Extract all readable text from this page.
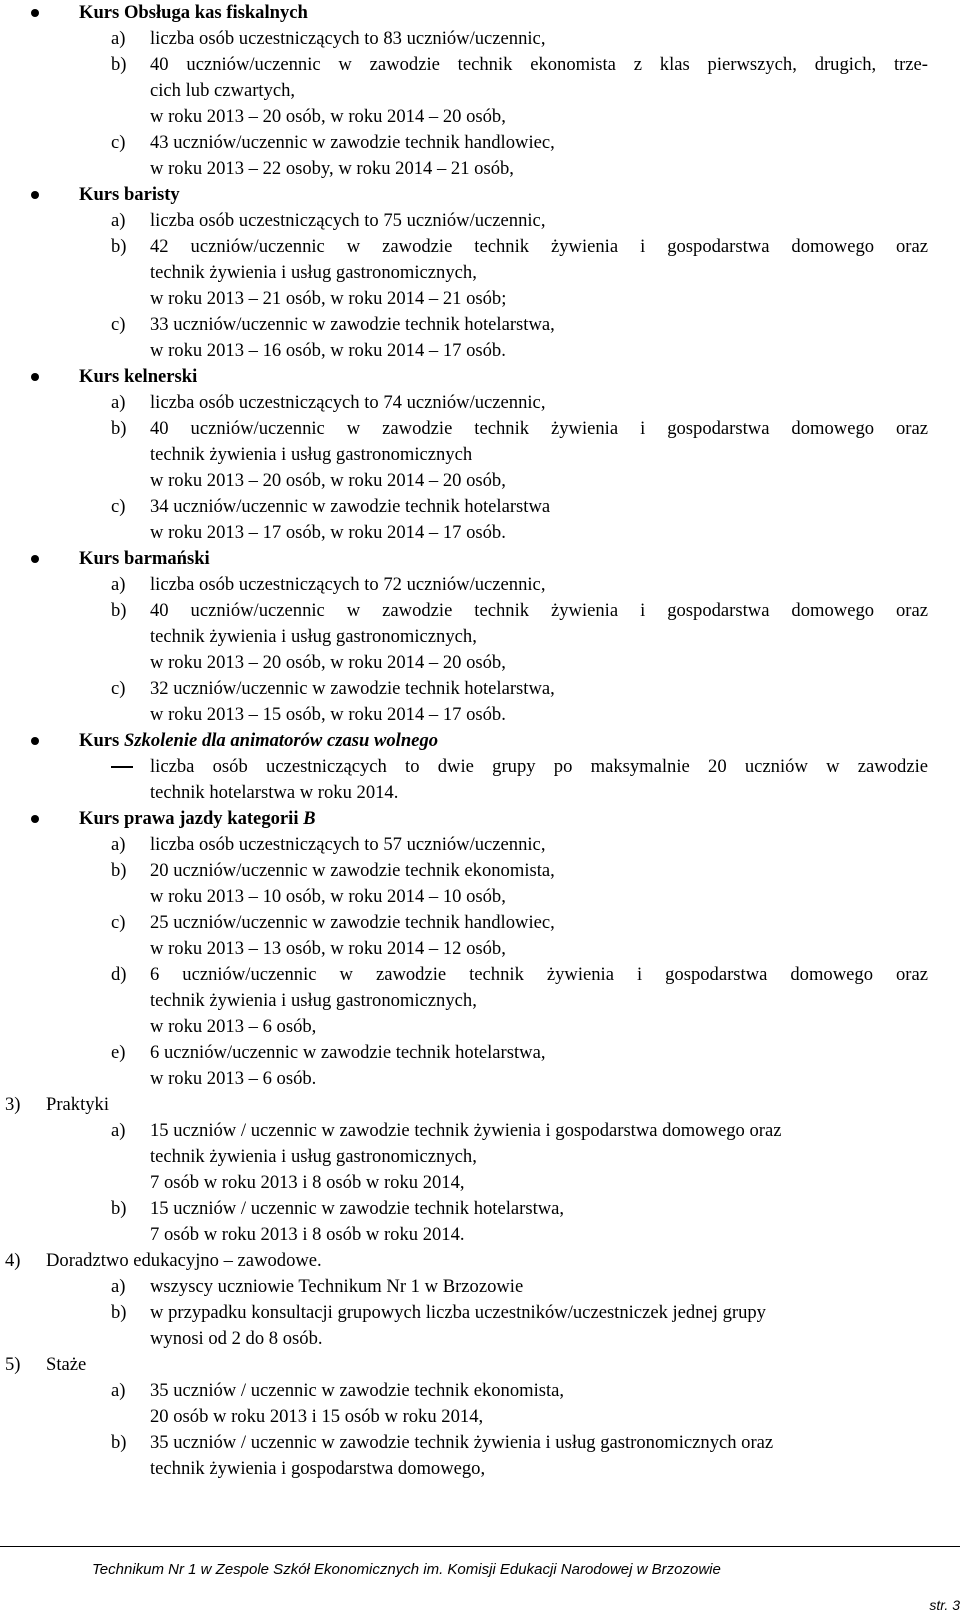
Kurs Obsługa kas fiskalnych
a) liczba osób uczestniczących to 83 uczniów/uczennic,
b) 40 uczniów/uczennic w zawodzie technik ekonomista z klas pierwszych, drugich, trze-
cich lub czwartych,
w roku 2013 – 20 osób, w roku 2014 – 20 osób,
c) 43 uczniów/uczennic w zawodzie technik handlowiec,
w roku 2013 – 22 osoby, w roku 2014 – 21 osób,
Kurs baristy
a) liczba osób uczestniczących to 75 uczniów/uczennic,
b) 42 uczniów/uczennic w zawodzie technik żywienia i gospodarstwa domowego oraz
technik żywienia i usług gastronomicznych,
w roku 2013 – 21 osób, w roku 2014 – 21 osób;
c) 33 uczniów/uczennic w zawodzie technik hotelarstwa,
w roku 2013 – 16 osób, w roku 2014 – 17 osób.
Kurs kelnerski
a) liczba osób uczestniczących to 74 uczniów/uczennic,
b) 40 uczniów/uczennic w zawodzie technik żywienia i gospodarstwa domowego oraz
technik żywienia i usług gastronomicznych
w roku 2013 – 20 osób, w roku 2014 – 20 osób,
c) 34 uczniów/uczennic w zawodzie technik hotelarstwa
w roku 2013 – 17 osób, w roku 2014 – 17 osób.
Kurs barmański
a) liczba osób uczestniczących to 72 uczniów/uczennic,
b) 40 uczniów/uczennic w zawodzie technik żywienia i gospodarstwa domowego oraz
technik żywienia i usług gastronomicznych,
w roku 2013 – 20 osób, w roku 2014 – 20 osób,
c) 32 uczniów/uczennic w zawodzie technik hotelarstwa,
w roku 2013 – 15 osób, w roku 2014 – 17 osób.
Kurs Szkolenie dla animatorów czasu wolnego
liczba osób uczestniczących to dwie grupy po maksymalnie 20 uczniów w zawodzie
technik hotelarstwa w roku 2014.
Kurs prawa jazdy kategorii B
a) liczba osób uczestniczących to 57 uczniów/uczennic,
b) 20 uczniów/uczennic w zawodzie technik ekonomista,
w roku 2013 – 10 osób, w roku 2014 – 10 osób,
c) 25 uczniów/uczennic w zawodzie technik handlowiec,
w roku 2013 – 13 osób, w roku 2014 – 12 osób,
d) 6 uczniów/uczennic w zawodzie technik żywienia i gospodarstwa domowego oraz
technik żywienia i usług gastronomicznych,
w roku 2013 – 6 osób,
e) 6 uczniów/uczennic w zawodzie technik hotelarstwa,
w roku 2013 – 6 osób.
3) Praktyki
a) 15 uczniów / uczennic w zawodzie technik żywienia i gospodarstwa domowego oraz
technik żywienia i usług gastronomicznych,
7 osób w roku 2013 i 8 osób w roku 2014,
b) 15 uczniów / uczennic w zawodzie technik hotelarstwa,
7 osób w roku 2013 i 8 osób w roku 2014.
4) Doradztwo edukacyjno – zawodowe.
a) wszyscy uczniowie Technikum Nr 1 w Brzozowie
b) w przypadku konsultacji grupowych liczba uczestników/uczestniczek jednej grupy
wynosi od 2 do 8 osób.
5) Staże
a) 35 uczniów / uczennic w zawodzie technik ekonomista,
20 osób w roku 2013 i 15 osób w roku 2014,
b) 35 uczniów / uczennic w zawodzie technik żywienia i usług gastronomicznych oraz
technik żywienia i gospodarstwa domowego,
Technikum Nr 1 w Zespole Szkół Ekonomicznych im. Komisji Edukacji Narodowej w Brzozowie
str. 3
